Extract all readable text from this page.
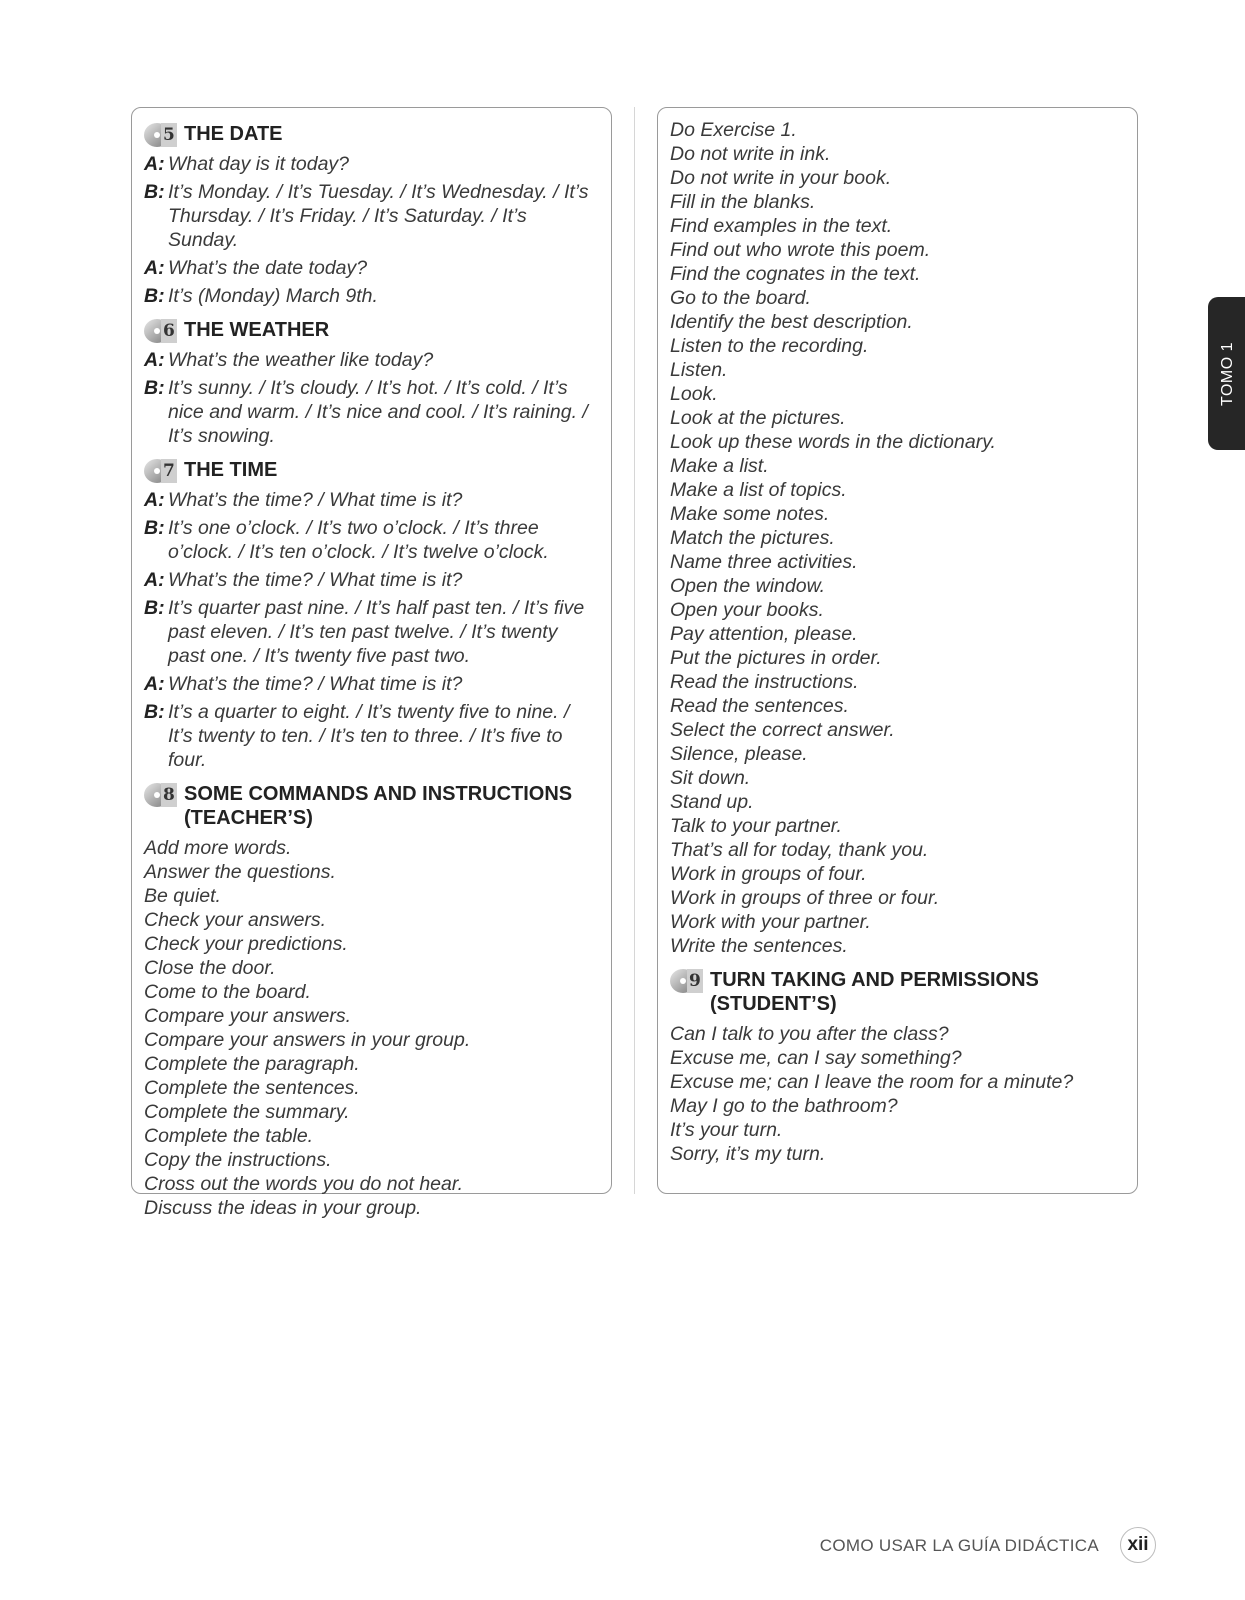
5 THE DATE
A: What day is it today?
B: It’s Monday. / It’s Tuesday. / It’s Wednesday. / It’s Thursday. / It’s Friday. / It’s Saturday. / It’s Sunday.
A: What’s the date today?
B: It’s (Monday) March 9th.
6 THE WEATHER
A: What’s the weather like today?
B: It’s sunny. / It’s cloudy. / It’s hot. / It’s cold. / It’s nice and warm. / It’s nice and cool. / It’s raining. / It’s snowing.
7 THE TIME
A: What’s the time? / What time is it?
B: It’s one o’clock. / It’s two o’clock. / It’s three o’clock. / It’s ten o’clock. / It’s twelve o’clock.
A: What’s the time? / What time is it?
B: It’s quarter past nine. / It’s half past ten. / It’s five past eleven. / It’s ten past twelve. / It’s twenty past one. / It’s twenty five past two.
A: What’s the time? / What time is it?
B: It’s a quarter to eight. / It’s twenty five to nine. / It’s twenty to ten. / It’s ten to three. / It’s five to four.
8 SOME COMMANDS AND INSTRUCTIONS (TEACHER’S)
Add more words.
Answer the questions.
Be quiet.
Check your answers.
Check your predictions.
Close the door.
Come to the board.
Compare your answers.
Compare your answers in your group.
Complete the paragraph.
Complete the sentences.
Complete the summary.
Complete the table.
Copy the instructions.
Cross out the words you do not hear.
Discuss the ideas in your group.
Do Exercise 1.
Do not write in ink.
Do not write in your book.
Fill in the blanks.
Find examples in the text.
Find out who wrote this poem.
Find the cognates in the text.
Go to the board.
Identify the best description.
Listen to the recording.
Listen.
Look.
Look at the pictures.
Look up these words in the dictionary.
Make a list.
Make a list of topics.
Make some notes.
Match the pictures.
Name three activities.
Open the window.
Open your books.
Pay attention, please.
Put the pictures in order.
Read the instructions.
Read the sentences.
Select the correct answer.
Silence, please.
Sit down.
Stand up.
Talk to your partner.
That’s all for today, thank you.
Work in groups of four.
Work in groups of three or four.
Work with your partner.
Write the sentences.
9 TURN TAKING AND PERMISSIONS (STUDENT’S)
Can I talk to you after the class?
Excuse me, can I say something?
Excuse me; can I leave the room for a minute?
May I go to the bathroom?
It’s your turn.
Sorry, it’s my turn.
TOMO 1
COMO USAR LA GUÍA DIDÁCTICA	xii
